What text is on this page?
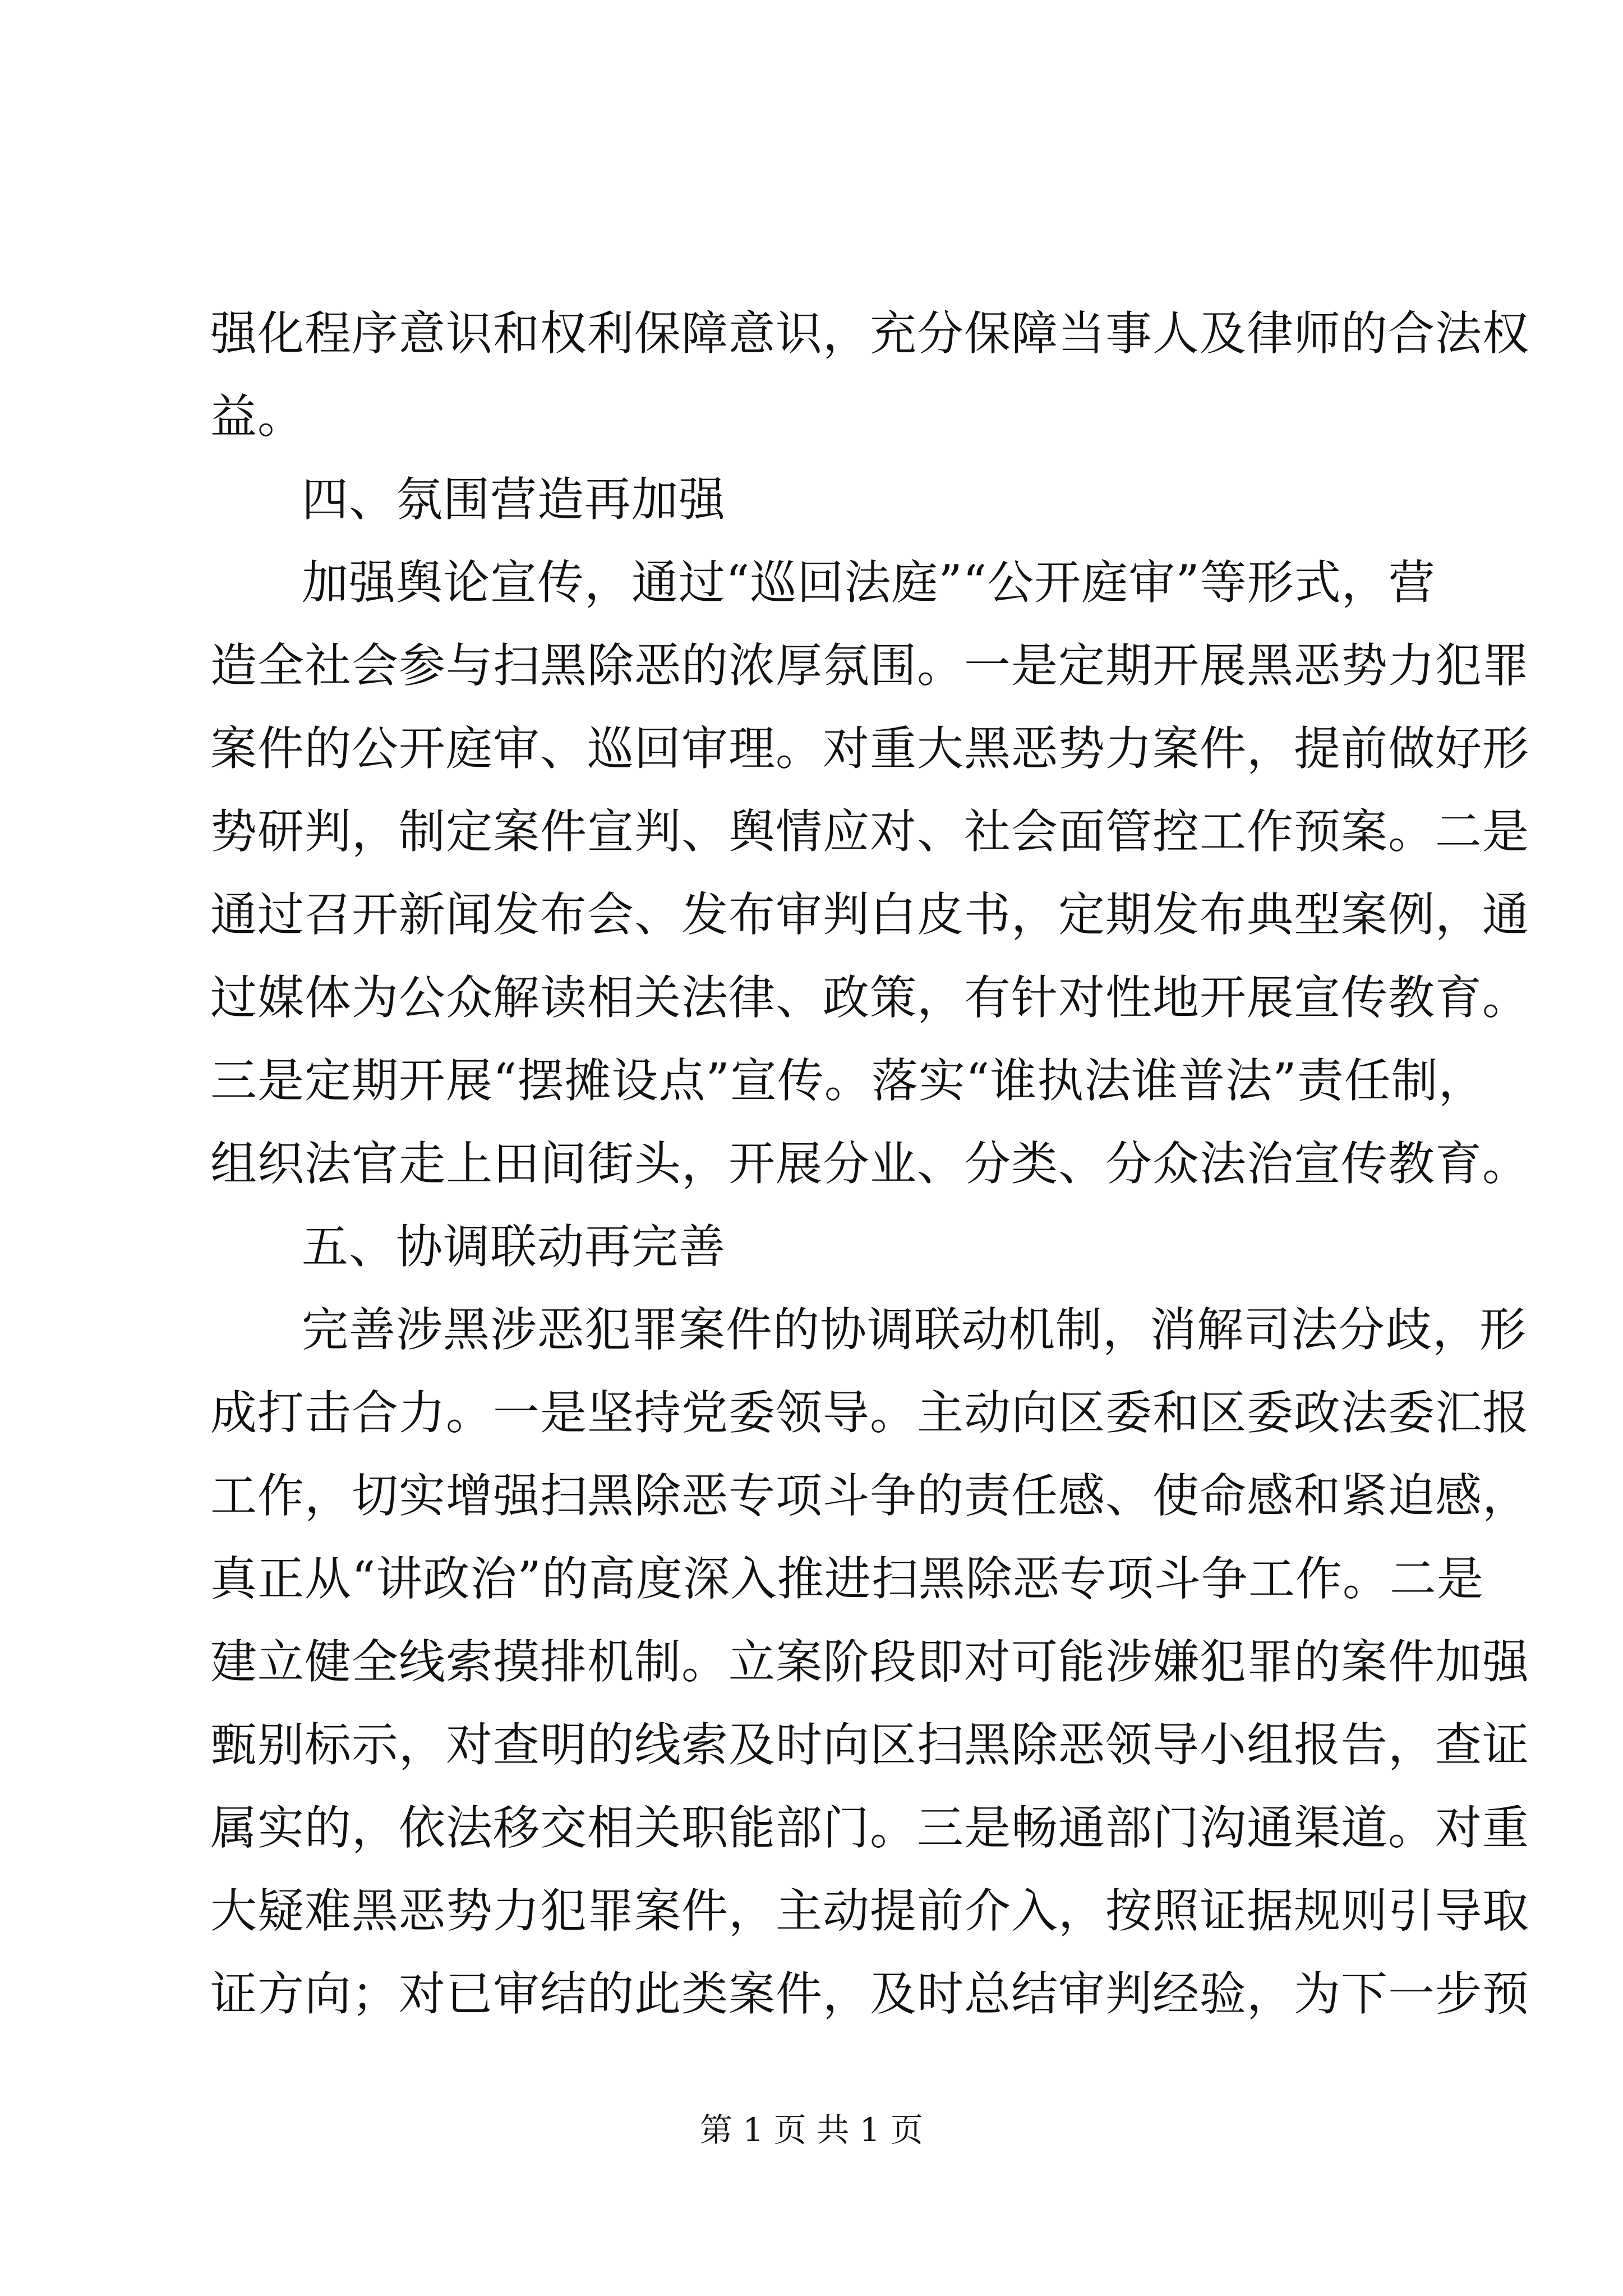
强化程序意识和权利保障意识，充分保障当事人及律师的合法权
益。
四、氛围营造再加强
加强舆论宣传，通过“巡回法庭”“公开庭审”等形式，营
造全社会参与扫黑除恶的浓厚氛围。一是定期开展黑恶势力犯罪
案件的公开庭审、巡回审理。对重大黑恶势力案件，提前做好形
势研判，制定案件宣判、舆情应对、社会面管控工作预案。二是
通过召开新闻发布会、发布审判白皮书，定期发布典型案例，通
过媒体为公众解读相关法律、政策，有针对性地开展宣传教育。
三是定期开展“摆摊设点”宣传。落实“谁执法谁普法”责任制，
组织法官走上田间街头，开展分业、分类、分众法治宣传教育。
五、协调联动再完善
完善涉黑涉恶犯罪案件的协调联动机制，消解司法分歧，形
成打击合力。一是坚持党委领导。主动向区委和区委政法委汇报
工作，切实增强扫黑除恶专项斗争的责任感、使命感和紧迫感，
真正从“讲政治”的高度深入推进扫黑除恶专项斗争工作。二是
建立健全线索摸排机制。立案阶段即对可能涉嫌犯罪的案件加强
甄别标示，对查明的线索及时向区扫黑除恶领导小组报告，查证
属实的，依法移交相关职能部门。三是畅通部门沟通渠道。对重
大疑难黑恶势力犯罪案件，主动提前介入，按照证据规则引导取
证方向；对已审结的此类案件，及时总结审判经验，为下一步预
第 1 页 共 1 页
